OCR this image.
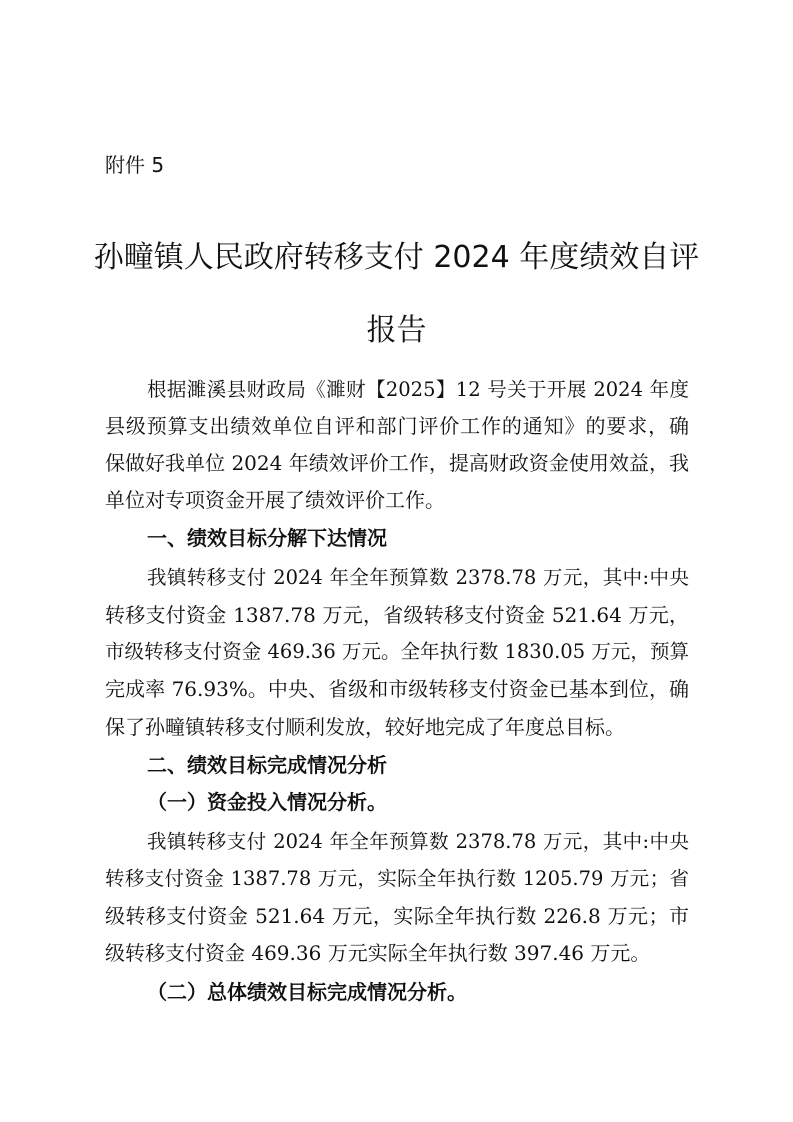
附件 5

孙疃镇人民政府转移支付 2024 年度绩效自评
报告

根据濉溪县财政局《濉财【2025】12 号关于开展 2024 年度

县级预算支出绩效单位自评和部门评价工作的通知》的要求，确

保做好我单位 2024 年绩效评价工作，提高财政资金使用效益，我

单位对专项资金开展了绩效评价工作。

一、绩效目标分解下达情况

我镇转移支付 2024 年全年预算数 2378.78 万元，其中:中央

转移支付资金 1387.78 万元，省级转移支付资金 521.64 万元，

市级转移支付资金 469.36 万元。全年执行数 1830.05 万元，预算

完成率 76.93%。中央、省级和市级转移支付资金已基本到位，确

保了孙疃镇转移支付顺利发放，较好地完成了年度总目标。

二、绩效目标完成情况分析

（一）资金投入情况分析。

我镇转移支付 2024 年全年预算数 2378.78 万元，其中:中央

转移支付资金 1387.78 万元，实际全年执行数 1205.79 万元；省

级转移支付资金 521.64 万元，实际全年执行数 226.8 万元；市

级转移支付资金 469.36 万元实际全年执行数 397.46 万元。

（二）总体绩效目标完成情况分析。
